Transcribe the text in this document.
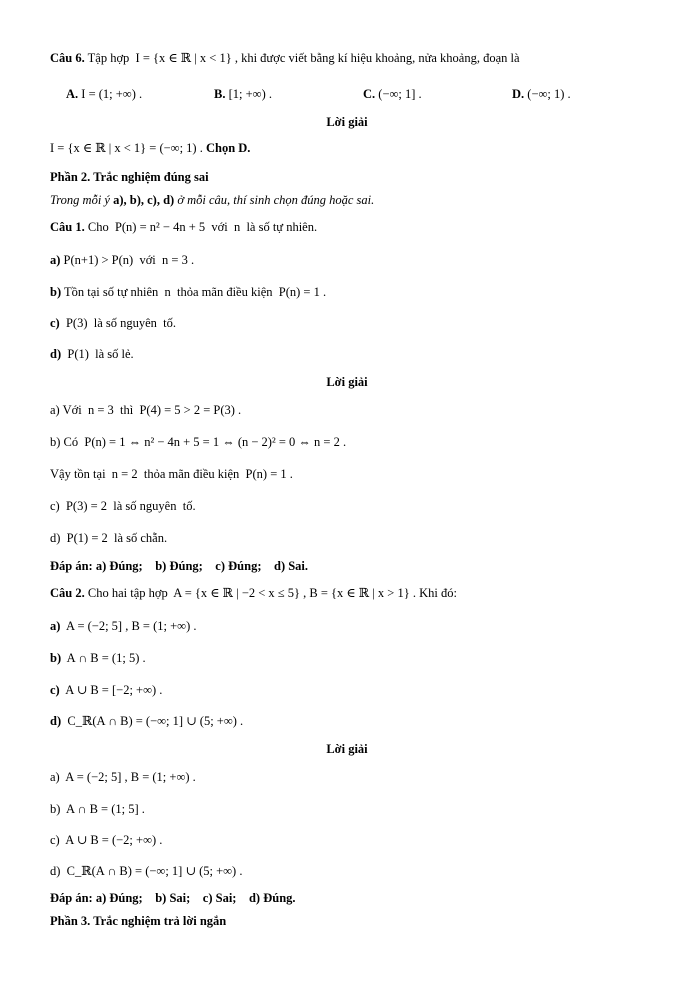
Câu 6. Tập hợp  I = {x ∈ ℝ | x < 1} , khi được viết bằng kí hiệu khoảng, nửa khoảng, đoạn là
A. I = (1; +∞) .	B. [1; +∞) .	C. (−∞; 1] .	D. (−∞; 1) .
Lời giải
I = {x ∈ ℝ | x < 1} = (−∞; 1) . Chọn D.
Phần 2. Trắc nghiệm đúng sai
Trong mỗi ý a), b), c), d) ở mỗi câu, thí sinh chọn đúng hoặc sai.
Câu 1. Cho  P(n) = n² − 4n + 5  với  n  là số tự nhiên.
a) P(n+1) > P(n)  với  n = 3 .
b) Tồn tại số tự nhiên  n  thỏa mãn điều kiện  P(n) = 1 .
c)  P(3)  là số nguyên  tố.
d)  P(1)  là số lẻ.
Lời giải
a) Với  n = 3  thì  P(4) = 5 > 2 = P(3) .
b) Có  P(n) = 1 ⇔ n² − 4n + 5 = 1 ⇔ (n − 2)² = 0 ⇔ n = 2 .
Vậy tồn tại  n = 2  thỏa mãn điều kiện  P(n) = 1 .
c)  P(3) = 2  là số nguyên  tố.
d)  P(1) = 2  là số chẵn.
Đáp án: a) Đúng;    b) Đúng;    c) Đúng;    d) Sai.
Câu 2. Cho hai tập hợp  A = {x ∈ ℝ | −2 < x ≤ 5} , B = {x ∈ ℝ | x > 1} . Khi đó:
a)  A = (−2; 5] , B = (1; +∞) .
b)  A ∩ B = (1; 5) .
c)  A ∪ B = [−2; +∞) .
d)  C_ℝ(A ∩ B) = (−∞; 1] ∪ (5; +∞) .
Lời giải
a)  A = (−2; 5] , B = (1; +∞) .
b)  A ∩ B = (1; 5] .
c)  A ∪ B = (−2; +∞) .
d)  C_ℝ(A ∩ B) = (−∞; 1] ∪ (5; +∞) .
Đáp án: a) Đúng;    b) Sai;    c) Sai;    d) Đúng.
Phần 3. Trắc nghiệm trả lời ngắn
